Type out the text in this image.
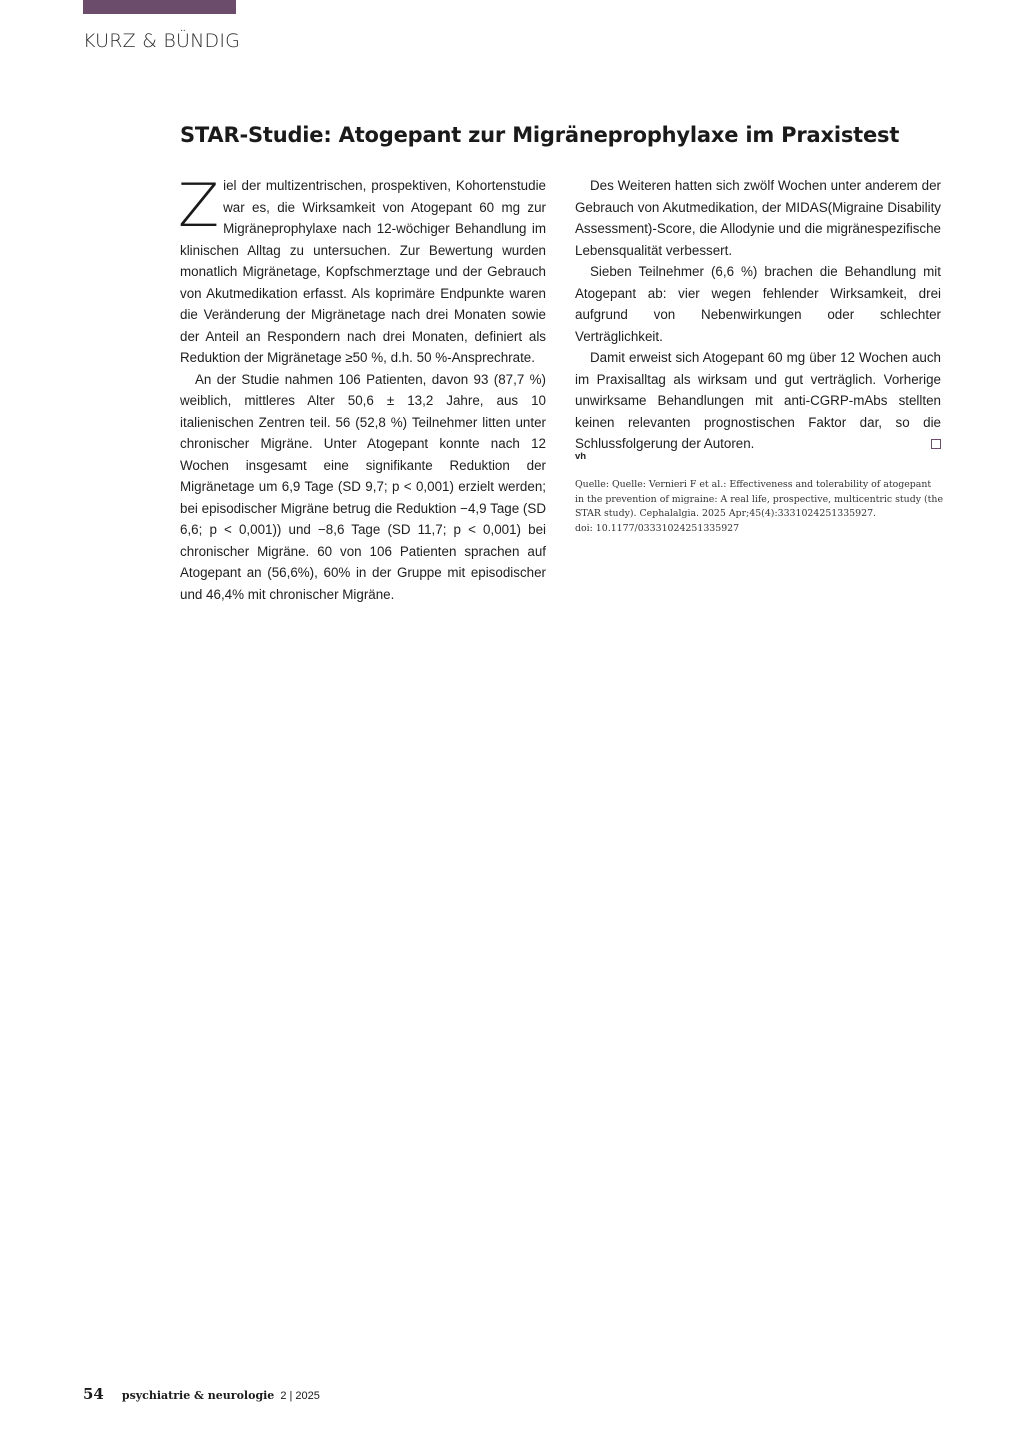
KURZ & BÜNDIG
STAR-Studie: Atogepant zur Migräneprophylaxe im Praxistest

Ziel der multizentrischen, prospektiven, Kohortenstudie war es, die Wirksamkeit von Atogepant 60 mg zur Migräneprophylaxe nach 12-wöchiger Behandlung im klinischen Alltag zu untersuchen. Zur Bewertung wurden monatlich Migränetage, Kopfschmerztage und der Gebrauch von Akutmedikation erfasst. Als koprimäre Endpunkte waren die Veränderung der Migränetage nach drei Monaten sowie der Anteil an Respondern nach drei Monaten, definiert als Reduktion der Migränetage ≥50 %, d.h. 50 %-Ansprechrate.

An der Studie nahmen 106 Patienten, davon 93 (87,7 %) weiblich, mittleres Alter 50,6 ± 13,2 Jahre, aus 10 italienischen Zentren teil. 56 (52,8 %) Teilnehmer litten unter chronischer Migräne. Unter Atogepant konnte nach 12 Wochen insgesamt eine signifikante Reduktion der Migränetage um 6,9 Tage (SD 9,7; p < 0,001) erzielt werden; bei episodischer Migräne betrug die Reduktion −4,9 Tage (SD 6,6; p < 0,001)) und −8,6 Tage (SD 11,7; p < 0,001) bei chronischer Migräne. 60 von 106 Patienten sprachen auf Atogepant an (56,6%), 60% in der Gruppe mit episodischer und 46,4% mit chronischer Migräne.

Des Weiteren hatten sich zwölf Wochen unter anderem der Gebrauch von Akutmedikation, der MIDAS(Migraine Disability Assessment)-Score, die Allodynie und die migränespezifische Lebensqualität verbessert.

Sieben Teilnehmer (6,6 %) brachen die Behandlung mit Atogepant ab: vier wegen fehlender Wirksamkeit, drei aufgrund von Nebenwirkungen oder schlechter Verträglichkeit.

Damit erweist sich Atogepant 60 mg über 12 Wochen auch im Praxisalltag als wirksam und gut verträglich. Vorherige unwirksame Behandlungen mit anti-CGRP-mAbs stellten keinen relevanten prognostischen Faktor dar, so die Schlussfolgerung der Autoren.

vh
Quelle: Quelle: Vernieri F et al.: Effectiveness and tolerability of atogepant in the prevention of migraine: A real life, prospective, multicentric study (the STAR study). Cephalalgia. 2025 Apr;45(4):3331024251335927.
doi: 10.1177/03331024251335927
54 psychiatrie & neurologie 2 | 2025
